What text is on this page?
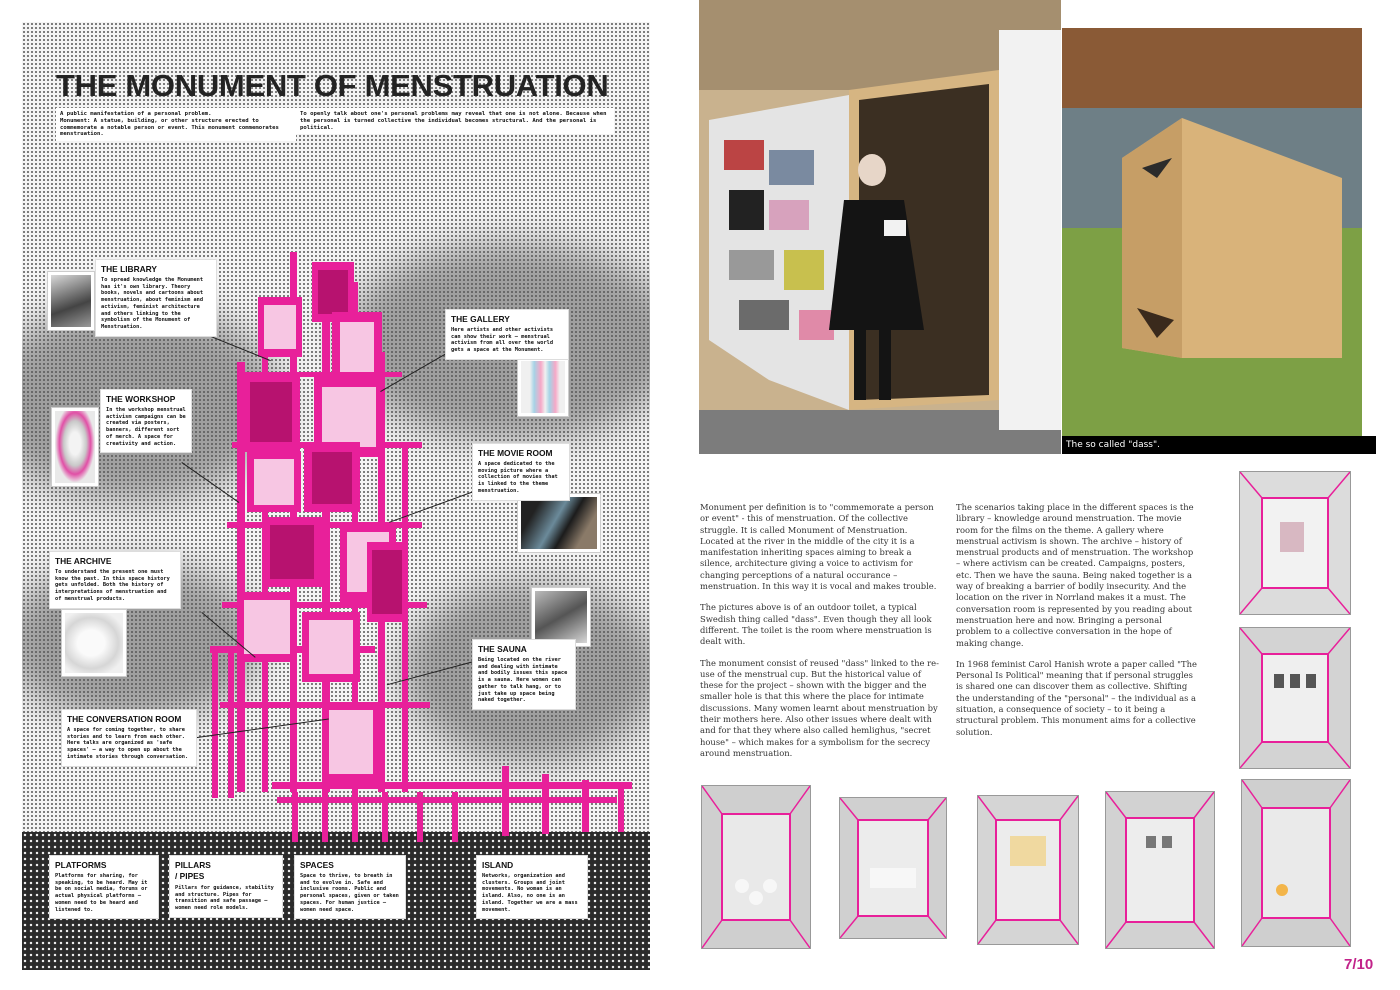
THE MONUMENT OF MENSTRUATION
A public manifestation of a personal problem.
Monument: A statue, building, or other structure erected to commemorate a notable person or event. This monument commemorates menstruation.
To openly talk about one's personal problems may reveal that one is not alone. Because when the personal is turned collective the individual becomes structural. And the personal is political.
THE LIBRARY

To spread knowledge the Monument has it's own library. Theory books, novels and cartoons about menstruation, about feminism and activism, feminist architecture and others linking to the symbolism of the Monument of Menstruation.

THE GALLERY

Here artists and other activists can show their work – menstrual activism from all over the world gets a space at the Monument.

THE WORKSHOP

In the workshop menstrual activism campaigns can be created via posters, banners, different sort of merch. A space for creativity and action.

THE MOVIE ROOM

A space dedicated to the moving picture where a collection of movies that is linked to the theme menstruation.

THE ARCHIVE

To understand the present one must know the past. In this space history gets unfolded. Both the history of interpretations of menstruation and of menstrual products.

THE SAUNA

Being located on the river and dealing with intimate and bodily issues this space is a sauna. Here women can gather to talk hang, or to just take up space being naked together.

THE CONVERSATION ROOM

A space for coming together, to share stories and to learn from each other. Here talks are organized as 'safe spaces' – a way to open up about the intimate stories through conversation.

PLATFORMS

Platforms for sharing, for speaking, to be heard. May it be on social media, forums or actual physical platforms – women need to be heard and listened to.

PILLARS
/ PIPES

Pillars for guidance, stability and structure. Pipes for transition and safe passage – women need role models.

SPACES

Space to thrive, to breath in and to evolve in. Safe and inclusive rooms. Public and personal spaces, given or taken spaces. For human justice – women need space.

ISLAND

Networks, organization and clusters. Groups and joint movements. No woman is an island. Also, no one is an island. Together we are a mass movement.

The so called "dass".

Monument per definition is to "commemorate a person or event" - this of menstruation. Of the collective struggle. It is called Monument of Menstruation. Located at the river in the middle of the city it is a manifestation inheriting spaces aiming to break a silence, architecture giving a voice to activism for changing perceptions of a natural occurance – menstruation. In this way it is vocal and makes trouble.

The pictures above is of an outdoor toilet, a typical Swedish thing called "dass". Even though they all look different. The toilet is the room where menstruation is dealt with.

The monument consist of reused "dass" linked to the re-use of the menstrual cup. But the historical value of these for the project – shown with the bigger and the smaller hole is that this where the place for intimate discussions. Many women learnt about menstruation by their mothers here. Also other issues where dealt with and for that they where also called hemlighus, "secret house" – which makes for a symbolism for the secrecy around menstruation.

The scenarios taking place in the different spaces is the library – knowledge around menstruation. The movie room for the films on the theme. A gallery where menstrual activism is shown. The archive – history of menstrual products and of menstruation. The workshop – where activism can be created. Campaigns, posters, etc. Then we have the sauna. Being naked together is a way of breaking a barrier of bodily insecurity. And the location on the river in Norrland makes it a must. The conversation room is represented by you reading about menstruation here and now. Bringing a personal problem to a collective conversation in the hope of making change.

In 1968 feminist Carol Hanish wrote a paper called "The Personal Is Political" meaning that if personal struggles is shared one can discover them as collective. Shifting the understanding of the "personal" – the individual as a situation, a consequence of society – to it being a structural problem. This monument aims for a collective solution.

7/10
